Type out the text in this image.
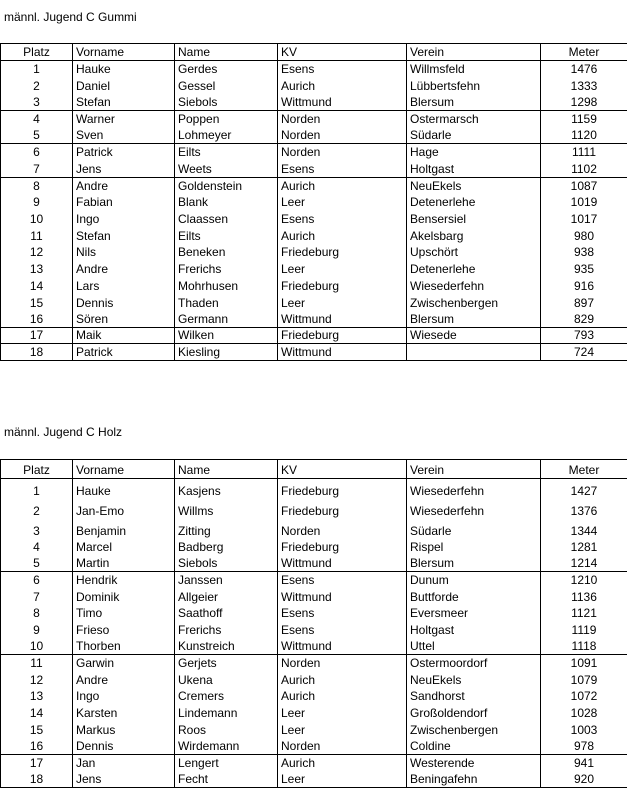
männl. Jugend C Gummi
Platz	Vorname	Name	KV	Verein	Meter
1	Hauke	Gerdes	Esens	Willmsfeld	1476
2	Daniel	Gessel	Aurich	Lübbertsfehn	1333
3	Stefan	Siebols	Wittmund	Blersum	1298
4	Warner	Poppen	Norden	Ostermarsch	1159
5	Sven	Lohmeyer	Norden	Südarle	1120
6	Patrick	Eilts	Norden	Hage	1111
7	Jens	Weets	Esens	Holtgast	1102
8	Andre	Goldenstein	Aurich	NeuEkels	1087
9	Fabian	Blank	Leer	Detenerlehe	1019
10	Ingo	Claassen	Esens	Bensersiel	1017
11	Stefan	Eilts	Aurich	Akelsbarg	980
12	Nils	Beneken	Friedeburg	Upschört	938
13	Andre	Frerichs	Leer	Detenerlehe	935
14	Lars	Mohrhusen	Friedeburg	Wiesederfehn	916
15	Dennis	Thaden	Leer	Zwischenbergen	897
16	Sören	Germann	Wittmund	Blersum	829
17	Maik	Wilken	Friedeburg	Wiesede	793
18	Patrick	Kiesling	Wittmund		724
männl. Jugend C Holz
Platz	Vorname	Name	KV	Verein	Meter
1	Hauke	Kasjens	Friedeburg	Wiesederfehn	1427
2	Jan-Emo	Willms	Friedeburg	Wiesederfehn	1376
3	Benjamin	Zitting	Norden	Südarle	1344
4	Marcel	Badberg	Friedeburg	Rispel	1281
5	Martin	Siebols	Wittmund	Blersum	1214
6	Hendrik	Janssen	Esens	Dunum	1210
7	Dominik	Allgeier	Wittmund	Buttforde	1136
8	Timo	Saathoff	Esens	Eversmeer	1121
9	Frieso	Frerichs	Esens	Holtgast	1119
10	Thorben	Kunstreich	Wittmund	Uttel	1118
11	Garwin	Gerjets	Norden	Ostermoordorf	1091
12	Andre	Ukena	Aurich	NeuEkels	1079
13	Ingo	Cremers	Aurich	Sandhorst	1072
14	Karsten	Lindemann	Leer	Großoldendorf	1028
15	Markus	Roos	Leer	Zwischenbergen	1003
16	Dennis	Wirdemann	Norden	Coldine	978
17	Jan	Lengert	Aurich	Westerende	941
18	Jens	Fecht	Leer	Beningafehn	920
